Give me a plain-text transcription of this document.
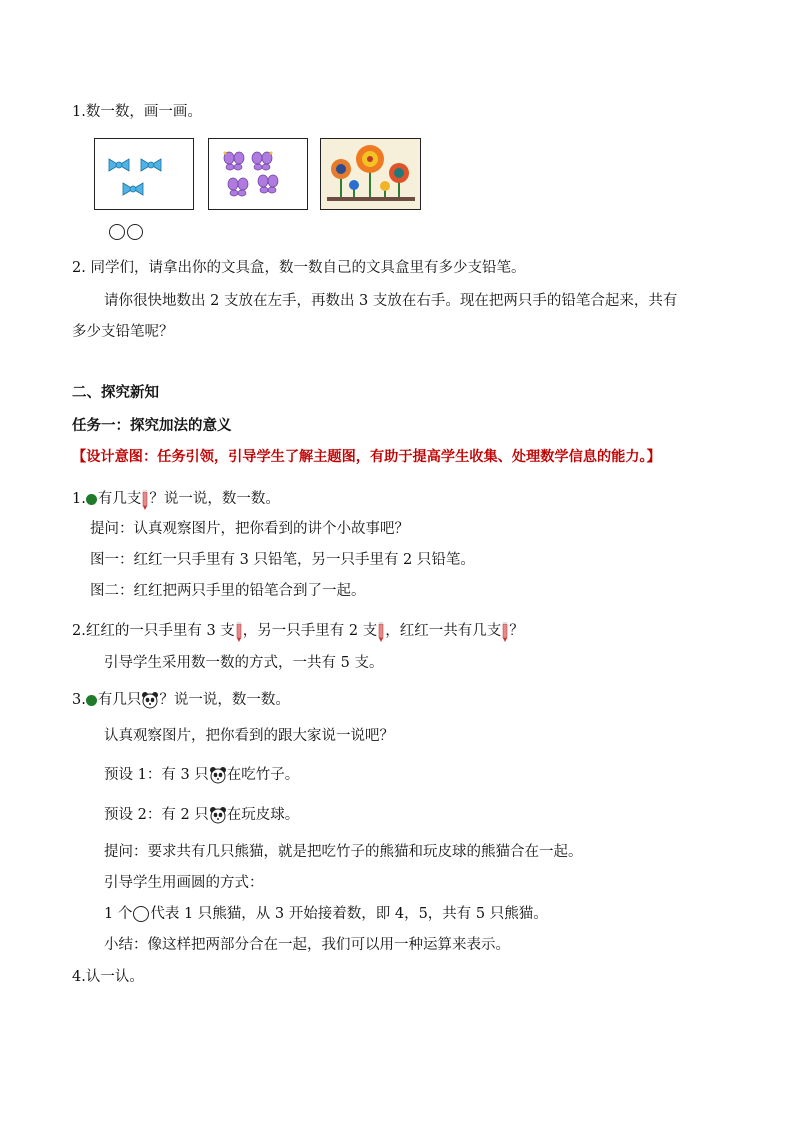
1.数一数，画一画。
2. 同学们，请拿出你的文具盒，数一数自己的文具盒里有多少支铅笔。
请你很快地数出 2 支放在左手，再数出 3 支放在右手。现在把两只手的铅笔合起来，共有
多少支铅笔呢？
二、探究新知
任务一：探究加法的意义
【设计意图：任务引领，引导学生了解主题图，有助于提高学生收集、处理数学信息的能力。】
1. 有几支 ？说一说，数一数。
提问：认真观察图片，把你看到的讲个小故事吧？
图一：红红一只手里有 3 只铅笔，另一只手里有 2 只铅笔。
图二：红红把两只手里的铅笔合到了一起。
2.红红的一只手里有 3 支 ，另一只手里有 2 支 ，红红一共有几支 ？
引导学生采用数一数的方式，一共有 5 支。
3. 有几只 ？说一说，数一数。
认真观察图片，把你看到的跟大家说一说吧？
预设 1：有 3 只 在吃竹子。
预设 2：有 2 只 在玩皮球。
提问：要求共有几只熊猫，就是把吃竹子的熊猫和玩皮球的熊猫合在一起。
引导学生用画圆的方式：
1 个 代表 1 只熊猫，从 3 开始接着数，即 4，5，共有 5 只熊猫。
小结：像这样把两部分合在一起，我们可以用一种运算来表示。
4.认一认。
